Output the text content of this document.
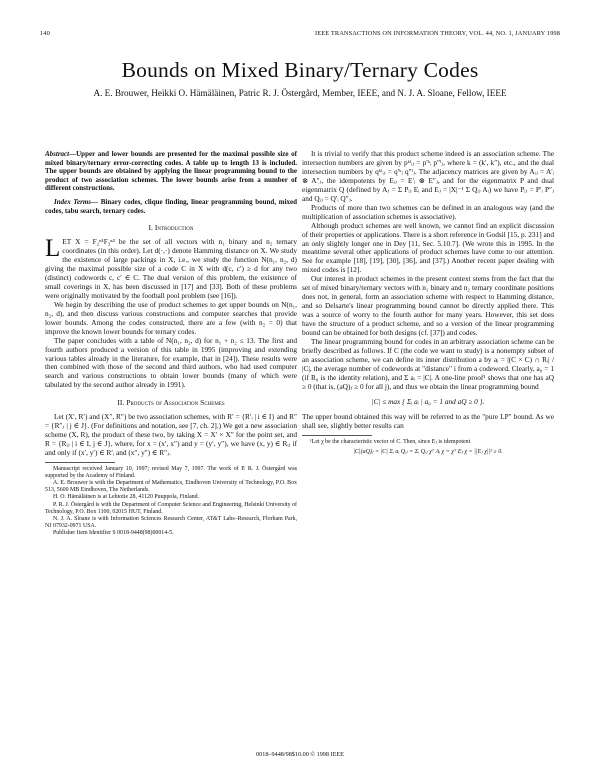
140	IEEE TRANSACTIONS ON INFORMATION THEORY, VOL. 44, NO. 1, JANUARY 1998
Bounds on Mixed Binary/Ternary Codes
A. E. Brouwer, Heikki O. Hämäläinen, Patric R. J. Östergård, Member, IEEE, and N. J. A. Sloane, Fellow, IEEE

Abstract—Upper and lower bounds are presented for the maximal possible size of mixed binary/ternary error-correcting codes. A table up to length 13 is included. The upper bounds are obtained by applying the linear programming bound to the product of two association schemes. The lower bounds arise from a number of different constructions.

Index Terms— Binary codes, clique finding, linear programming bound, mixed codes, tabu search, ternary codes.

I. Introduction

LET X = F₂ⁿ¹F₃ⁿ² be the set of all vectors with n₁ binary and n₂ ternary coordinates (in this order). Let d(·,·) denote Hamming distance on X. We study the existence of large packings in X, i.e., we study the function N(n₁, n₂, d) giving the maximal possible size of a code C in X with d(c, c′) ≥ d for any two (distinct) codewords c, c′ ∈ C. The dual version of this problem, the existence of small coverings in X, has been discussed in [17] and [33]. Both of these problems were originally motivated by the football pool problem (see [16]).

We begin by describing the use of product schemes to get upper bounds on N(n₁, n₂, d), and then discuss various constructions and computer searches that provide lower bounds. Among the codes constructed, there are a few (with n₂ = 0) that improve the known lower bounds for ternary codes.

The paper concludes with a table of N(n₁, n₂, d) for n₁ + n₂ ≤ 13. The first and fourth authors produced a version of this table in 1995 (improving and extending various tables already in the literature, for example, that in [24]). These results were then combined with those of the second and third authors, who had used computer search and various constructions to obtain lower bounds (many of which were tabulated by the second author already in 1991).

II. Products of Association Schemes

Let (X′, R′) and (X″, R″) be two association schemes, with R′ = {R′ᵢ | i ∈ I} and R″ = {R″ⱼ | j ∈ J}. (For definitions and notation, see [7, ch. 2].) We get a new association scheme (X, R), the product of these two, by taking X = X′ × X″ for the point set, and R = {Rᵢⱼ | i ∈ I, j ∈ J}, where, for x = (x′, x″) and y = (y′, y″), we have (x, y) ∈ Rᵢⱼ if and only if (x′, y′) ∈ R′ᵢ and (x″, y″) ∈ R″ⱼ.

Manuscript received January 10, 1997; revised May 7, 1997. The work of P. R. J. Östergård was supported by the Academy of Finland.

A. E. Brouwer is with the Department of Mathematics, Eindhoven University of Technology, P.O. Box 513, 5600 MB Eindhoven, The Netherlands.

H. O. Hämäläinen is at Lehtotie 28, 41120 Puuppola, Finland.

P. R. J. Östergård is with the Department of Computer Science and Engineering, Helsinki University of Technology, P.O. Box 1100, 02015 HUT, Finland.

N. J. A. Sloane is with Information Sciences Research Center, AT&T Labs–Research, Florham Park, NJ 07932-0971 USA.

Publisher Item Identifier S 0018-9448(98)00014-5.

It is trivial to verify that this product scheme indeed is an association scheme. The intersection numbers are given by pᵏˡᵢⱼ = p′ᵏᵢ p″ˡⱼ, where k = (k′, k″), etc., and the dual intersection numbers by qᵏˡᵢⱼ = q′ᵏᵢ q″ˡⱼ. The adjacency matrices are given by Aᵢⱼ = A′ᵢ ⊗ A″ⱼ, the idempotents by Eᵢⱼ = E′ᵢ ⊗ E″ⱼ, and for the eigenmatrix P and dual eigenmatrix Q (defined by Aⱼ = Σ Pᵢⱼ Eᵢ and Eⱼ = |X|⁻¹ Σ Qᵢⱼ Aᵢ) we have Pᵢⱼ = P′ᵢ P″ⱼ and Qᵢⱼ = Q′ᵢ Q″ⱼ.

Products of more than two schemes can be defined in an analogous way (and the multiplication of association schemes is associative).

Although product schemes are well known, we cannot find an explicit discussion of their properties or applications. There is a short reference in Godsil [15, p. 231] and an only slightly longer one in Dey [11, Sec. 5.10.7]. (We wrote this in 1995. In the meantime several other applications of product schemes have come to our attention. See for example [18], [19], [30], [36], and [37].) Another recent paper dealing with mixed codes is [12].

Our interest in product schemes in the present context stems from the fact that the set of mixed binary/ternary vectors with n₁ binary and n₂ ternary coordinate positions does not, in general, form an association scheme with respect to Hamming distance, and so Delsarte's linear programming bound cannot be directly applied there. This was a source of worry to the fourth author for many years. However, this set does have the structure of a product scheme, and so a version of the linear programming bound can be obtained for both designs (cf. [37]) and codes.

The linear programming bound for codes in an arbitrary association scheme can be briefly described as follows. If C (the code we want to study) is a nonempty subset of an association scheme, we can define its inner distribution a by aᵢ = |(C × C) ∩ Rᵢ| / |C|, the average number of codewords at "distance" i from a codeword. Clearly, a₀ = 1 (if R₀ is the identity relation), and Σ aᵢ = |C|. A one-line proof¹ shows that one has aQ ≥ 0 (that is, (aQ)ⱼ ≥ 0 for all j), and thus we obtain the linear programming bound

|C| ≤ max { Σᵢ aᵢ | a₀ = 1 and aQ ≥ 0 }.

The upper bound obtained this way will be referred to as the "pure LP" bound. As we shall see, slightly better results can

¹Let χ be the characteristic vector of C. Then, since Eⱼ is idempotent

|C|(aQ)ⱼ = |C| Σᵢ aᵢ Qᵢⱼ = Σᵢ Qᵢⱼ χᵀ Aᵢ χ = χᵀ Eⱼ χ = ||Eⱼ χ||² ≥ 0.

0018–9448/98$10.00 © 1998 IEEE
